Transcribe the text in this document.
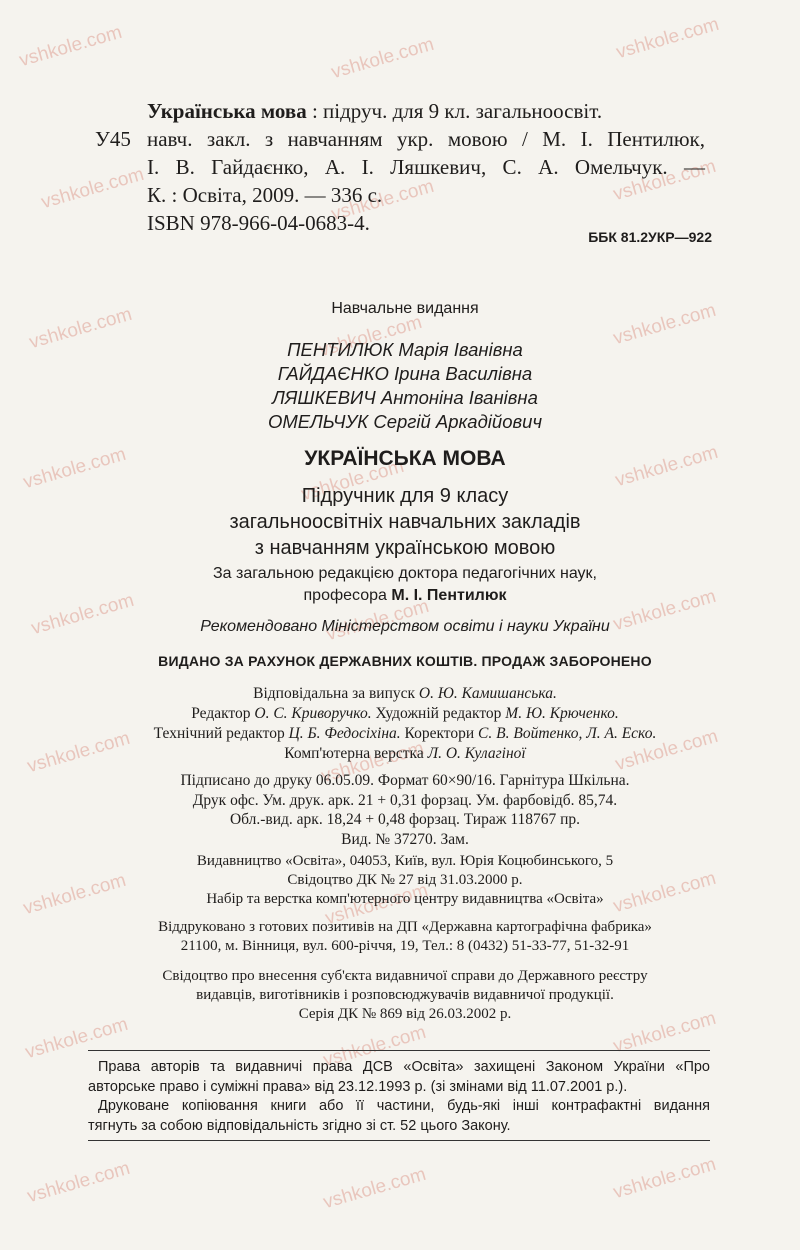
vshkole.com
vshkole.com
vshkole.com
vshkole.com
vshkole.com
vshkole.com
vshkole.com
vshkole.com
vshkole.com
vshkole.com
vshkole.com
vshkole.com
vshkole.com
vshkole.com
vshkole.com
vshkole.com
vshkole.com
vshkole.com
vshkole.com
vshkole.com
vshkole.com
vshkole.com
vshkole.com
vshkole.com
vshkole.com
vshkole.com
vshkole.com
Українська мова : підруч. для 9 кл. загальноосвіт.
У45 навч. закл. з навчанням укр. мовою / М. І. Пентилюк,
І. В. Гайдаєнко, А. І. Ляшкевич, С. А. Омельчук. —
К. : Освіта, 2009. — 336 с.
ISBN 978-966-04-0683-4.
ББК 81.2УКР—922
Навчальне видання
ПЕНТИЛЮК Марія Іванівна
ГАЙДАЄНКО Ірина Василівна
ЛЯШКЕВИЧ Антоніна Іванівна
ОМЕЛЬЧУК Сергій Аркадійович
УКРАЇНСЬКА МОВА
Підручник для 9 класу
загальноосвітніх навчальних закладів
з навчанням українською мовою
За загальною редакцією доктора педагогічних наук,
професора М. І. Пентилюк
Рекомендовано Міністерством освіти і науки України
ВИДАНО ЗА РАХУНОК ДЕРЖАВНИХ КОШТІВ. ПРОДАЖ ЗАБОРОНЕНО
Відповідальна за випуск О. Ю. Камишанська.
Редактор О. С. Криворучко. Художній редактор М. Ю. Крюченко.
Технічний редактор Ц. Б. Федосіхіна. Коректори С. В. Войтенко, Л. А. Еско.
Комп'ютерна верстка Л. О. Кулагіної
Підписано до друку 06.05.09. Формат 60×90/16. Гарнітура Шкільна.
Друк офс. Ум. друк. арк. 21 + 0,31 форзац. Ум. фарбовідб. 85,74.
Обл.-вид. арк. 18,24 + 0,48 форзац. Тираж 118767 пр.
Вид. № 37270. Зам.
Видавництво «Освіта», 04053, Київ, вул. Юрія Коцюбинського, 5
Свідоцтво ДК № 27 від 31.03.2000 р.
Набір та верстка комп'ютерного центру видавництва «Освіта»
Віддруковано з готових позитивів на ДП «Державна картографічна фабрика»
21100, м. Вінниця, вул. 600-річчя, 19, Тел.: 8 (0432) 51-33-77, 51-32-91
Свідоцтво про внесення суб'єкта видавничої справи до Державного реєстру
видавців, виготівників і розповсюджувачів видавничої продукції.
Серія ДК № 869 від 26.03.2002 р.
Права авторів та видавничі права ДСВ «Освіта» захищені Законом України «Про
авторське право і суміжні права» від 23.12.1993 р. (зі змінами від 11.07.2001 р.).
Друковане копіювання книги або її частини, будь-які інші контрафактні видання
тягнуть за собою відповідальність згідно зі ст. 52 цього Закону.
